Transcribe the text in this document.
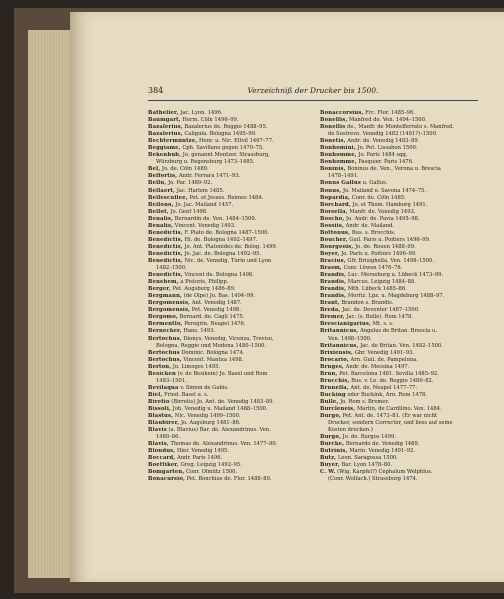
384	Verzeichniß der Drucker bis 1500.
Bathelier, Jac. Lyon. 1496.
Baumgart, Herm. Cöln 1496–99.
Bazalerius, Bazalerius de. Reggio 1488–95.
Bazalerius, Caligula. Bologna 1495–99.
Bechtermüntze, Henr. u. Nic. Eltvil 1467–77.
Beggiame, Cph. Savillano gegen 1470–75.
Bekenhub, Jo. genannt Mentzer. Strassburg,
Würzburg u. Regensburg 1473–1485.
Bel, Jo. de. Cöln 1489.
Belfortis, Andr. Ferrara 1471–93.
Bellu, Jo. Par. 1489–92.
Bellaert, Jac. Harlem 1485.
Bellescullee, Pet. et Jesses. Rennes 1484.
Bellono, Jo. Jac. Mailand 1457.
Bellot, Jo. Genf 1498.
Benalis, Bernardin de. Ven. 1484–1500.
Benalis, Vincent. Venedig 1493.
Benedictis, F. Plato de. Bologna 1487–1500.
Benedictis, Hi. de. Bologna 1492–1497.
Benedictis, Jo. Ant. Platonides de. Bolog. 1499.
Benedictis, Jo. Jac. de. Bologna 1492–95.
Benedictis, Nic. de. Venedig, Turin und Lyon
1482–1500.
Benedictis, Vincent de. Bologna 1498.
Benehem, a Pistoris, Philipp.
Berger, Pet. Augsburg 1486–89.
Bergmann, (de Olpe) Jo. Bas. 1494–99.
Bergomensis, Ant. Venedig 1487.
Bergomensis, Pet. Venedig 1498.
Bergomo, Bernard. de. Cagli 1475.
Bermentlo, Peregrin. Neapel 1476.
Bernecker, Hans. 1493.
Bertochus, Dionys. Venedig, Vicenza, Treviso,
Bologna, Reggio und Modena 1480–1500.
Bertochus Dominic. Bologna 1474.
Bertochus, Vincent. Mantua 1498.
Berton, Jo. Limoges 1495.
Besicken (v. de Besikein) Jo. Basel und Rom
1483–1501.
Bevilaqua v. Simon de Gabis.
Biel, Fried. Basel u. s.
Biretio (Birretis) Jo. Ant. de. Venedig 1483–89.
Bissoli, Joh. Venedig u. Mailand 1488–1500.
Blastus, Nic. Venedig 1499–1500.
Blaubirer, Jo. Augsburg 1481–86.
Blavis (a. Blavius) Bar. de. Alexandrinus. Ven.
1480–86.
Blavis, Thomas de. Alexandrinus. Ven. 1477–90.
Blondus, Hier. Venedig 1495.
Boccard, Andr. Paris 1496.
Boettiker, Greg. Leipzig 1492–95.
Bomgarten, Conr. Olmütz 1500.
Bonacursio, Pet. Bonchius de. Flor. 1488–89.
Bonaccorsius, Frc. Flor. 1485–96.
Bonellis, Manfred de. Ven. 1494–1500.
Bonellis de., Manfr. de Montefferrato s. Manfred.
de Sustrevo. Venedig 1482 (1491?)–1500.
Bonetis, Andr. de. Venedig 1483–89.
Bonhomini, Jo. Pet. Lissabon 1500.
Bonhomme, Jo. Paris 1484 sqq.
Bonhomme, Pasquier. Paris 1476.
Boninis, Boninus de. Ven., Verona u. Brescia
1478–1491.
Bonus Gallus u. Gallus.
Bonus, Jo. Mailand u. Savona 1474–75.
Bopardia, Conr. de. Cöln 1485.
Borchard, Jo. et Thom. Hamburg 1491.
Borsella, Manfr. de. Venedig 1493.
Boscho, Jo. Andr. de. Pavia 1495–98.
Bossiis, Andr. de. Mailand.
Bottonus, Bus. s. Brocchis.
Boucher, Guil. Paris u. Poitiers 1496–99.
Bourgeois, Jo. de. Rouen 1488–99.
Boyer, Jo. Paris u. Poitiers 1496–99.
Bracius, Gfr. Brisighella. Ven. 1498–1500.
Brasm, Conr. Löwen 1476–78.
Brandis, Luc. Merseburg u. Lübeck 1473–99.
Brandis, Marcus. Leipzig 1484–88.
Brandis, Mth. Lübeck 1485–86.
Brandis, Moritz. Lpz. u. Magdeburg 1488–97.
Brant, Brandon s. Brandis.
Breda, Jac. de. Deventer 1487–1500.
Bremer, Jac. (s. Bulle). Rom 1478.
Brescianigarius, Mt. s. s.
Britannicus, Angelus de Britan. Brescia u.
Ven. 1498–1500.
Britannicus, Jac. de Britan. Ven. 1482–1500.
Brixiensis, Gbr. Venedig 1491–93.
Brocario, Arn. Guil. de. Pampeluna.
Bruges, Andr. de. Messina 1497.
Brun, Pet. Barcelona 1481. Sevilla 1485–92.
Brucchis, Bus. v. Le. de. Reggio 1480–82.
Brunella, Ant. de. Neapel 1477–77.
Bucking oder Buckink, Arn. Rom 1478.
Bulle, Jo. Rom s. Bremer.
Burcleneis, Martin, de Cardilino. Ven. 1484.
Burgo, Pet. Ant. de. 1473–81. (Er war nicht
Drucker, sondern Corrector, und liess auf seine
Kosten drucken.)
Burgo, Jo. de. Burgos 1499.
Burcke, Bernardo de. Venedig 1489.
Butrinis, Marin. Venedig 1491–92.
Butz, Leon. Saragossa 1500.
Buyer, Bar. Lyon 1478–80.
C. W. (Wig. Karpfel?) Cephalum Welphlus.
(Conr. Wolfach.) Strassburg 1474.
